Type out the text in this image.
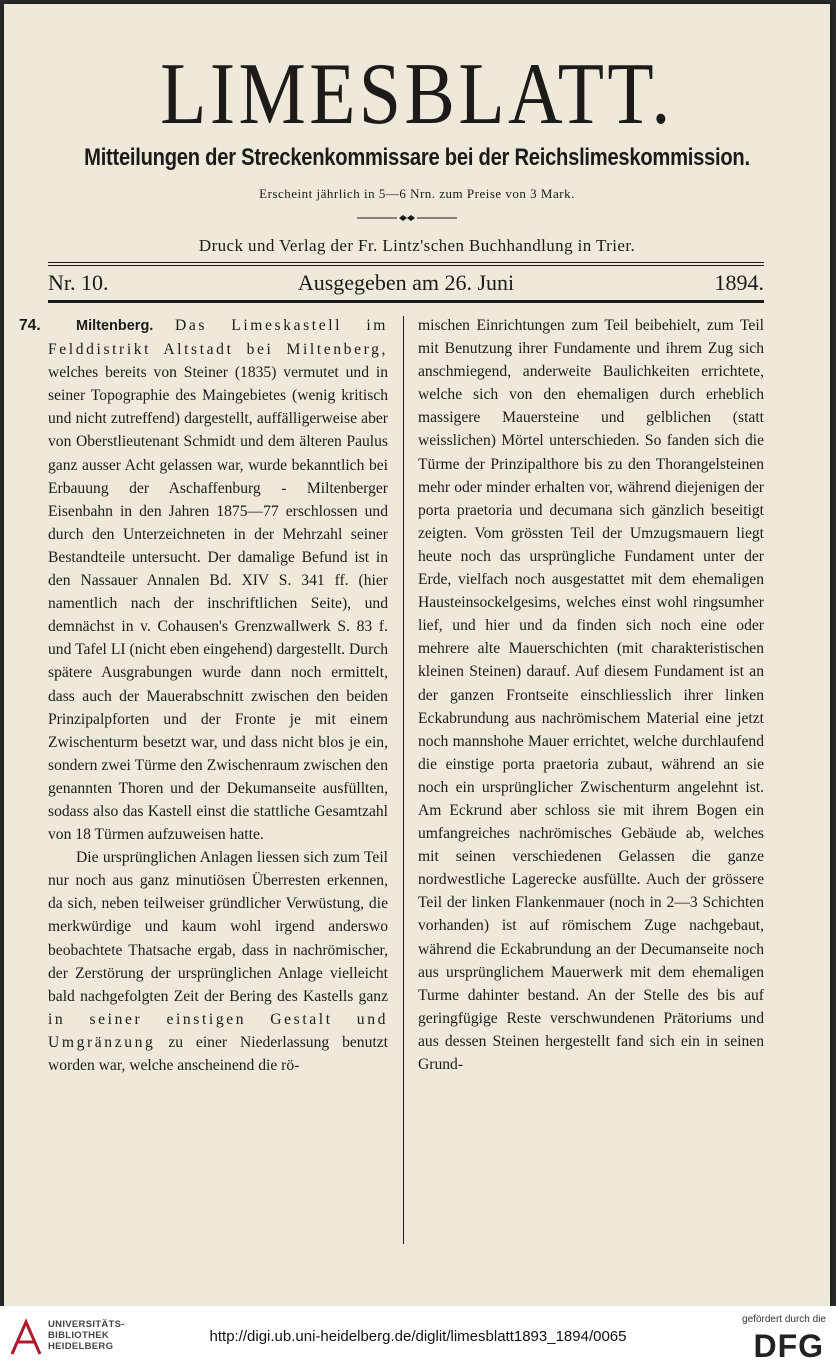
LIMESBLATT.
Mitteilungen der Streckenkommissare bei der Reichslimeskommission.
Erscheint jährlich in 5—6 Nrn. zum Preise von 3 Mark.
Druck und Verlag der Fr. Lintz'schen Buchhandlung in Trier.
Ausgegeben am 26. Juni
Nr. 10.	1894.
74.	Miltenberg. Das Limeskastell im Felddistrikt Altstadt bei Miltenberg, welches bereits von Steiner (1835) vermutet und in seiner Topographie des Maingebietes (wenig kritisch und nicht zutreffend) dargestellt, auffälligerweise aber von Oberstlieutenant Schmidt und dem älteren Paulus ganz ausser Acht gelassen war, wurde bekanntlich bei Erbauung der Aschaffenburg - Miltenberger Eisenbahn in den Jahren 1875—77 erschlossen und durch den Unterzeichneten in der Mehrzahl seiner Bestandteile untersucht. Der damalige Befund ist in den Nassauer Annalen Bd. XIV S. 341 ff. (hier namentlich nach der inschriftlichen Seite), und demnächst in v. Cohausen's Grenzwallwerk S. 83 f. und Tafel LI (nicht eben eingehend) dargestellt. Durch spätere Ausgrabungen wurde dann noch ermittelt, dass auch der Mauerabschnitt zwischen den beiden Prinzipalpforten und der Fronte je mit einem Zwischenturm besetzt war, und dass nicht blos je ein, sondern zwei Türme den Zwischenraum zwischen den genannten Thoren und der Dekumanseite ausfüllten, sodass also das Kastell einst die stattliche Gesamtzahl von 18 Türmen aufzuweisen hatte.

Die ursprünglichen Anlagen liessen sich zum Teil nur noch aus ganz minutiösen Überresten erkennen, da sich, neben teilweiser gründlicher Verwüstung, die merkwürdige und kaum wohl irgend anderswo beobachtete Thatsache ergab, dass in nachrömischer, der Zerstörung der ursprünglichen Anlage vielleicht bald nachgefolgten Zeit der Bering des Kastells ganz in seiner einstigen Gestalt und Umgränzung zu einer Niederlassung benutzt worden war, welche anscheinend die rö-

mischen Einrichtungen zum Teil beibehielt, zum Teil mit Benutzung ihrer Fundamente und ihrem Zug sich anschmiegend, anderweite Baulichkeiten errichtete, welche sich von den ehemaligen durch erheblich massigere Mauersteine und gelblichen (statt weisslichen) Mörtel unterschieden. So fanden sich die Türme der Prinzipalthore bis zu den Thorangelsteinen mehr oder minder erhalten vor, während diejenigen der porta praetoria und decumana sich gänzlich beseitigt zeigten. Vom grössten Teil der Umzugsmauern liegt heute noch das ursprüngliche Fundament unter der Erde, vielfach noch ausgestattet mit dem ehemaligen Hausteinsockelgesims, welches einst wohl ringsumher lief, und hier und da finden sich noch eine oder mehrere alte Mauerschichten (mit charakteristischen kleinen Steinen) darauf. Auf diesem Fundament ist an der ganzen Frontseite einschliesslich ihrer linken Eckabrundung aus nachrömischem Material eine jetzt noch mannshohe Mauer errichtet, welche durchlaufend die einstige porta praetoria zubaut, während an sie noch ein ursprünglicher Zwischenturm angelehnt ist. Am Eckrund aber schloss sie mit ihrem Bogen ein umfangreiches nachrömisches Gebäude ab, welches mit seinen verschiedenen Gelassen die ganze nordwestliche Lagerecke ausfüllte. Auch der grössere Teil der linken Flankenmauer (noch in 2—3 Schichten vorhanden) ist auf römischem Zuge nachgebaut, während die Eckabrundung an der Decumanseite noch aus ursprünglichem Mauerwerk mit dem ehemaligen Turme dahinter bestand. An der Stelle des bis auf geringfügige Reste verschwundenen Prätoriums und aus dessen Steinen hergestellt fand sich ein in seinen Grund-

UNIVERSITÄTS-
BIBLIOTHEK
HEIDELBERG
http://digi.ub.uni-heidelberg.de/diglit/limesblatt1893_1894/0065
gefördert durch die
DFG
